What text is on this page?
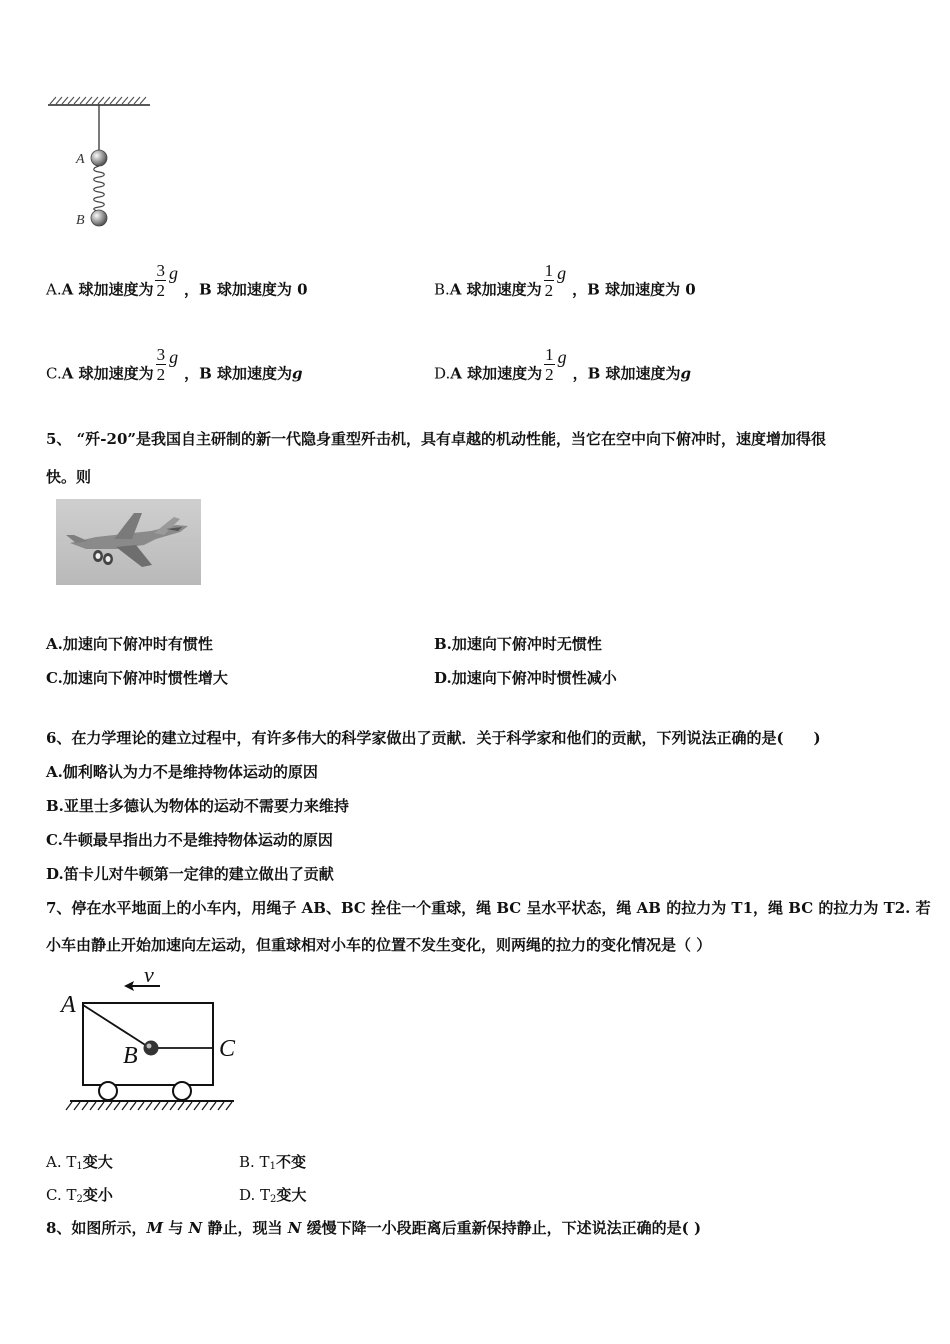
A
B
A.A 球加速度为 $\frac{3}{2}$ g，B 球加速度为 0	B.A 球加速度为 $\frac{1}{2}$ g，B 球加速度为 0
C.A 球加速度为 $\frac{3}{2}$ g，B 球加速度为g	D.A 球加速度为 $\frac{1}{2}$ g，B 球加速度为g
5、 “歼-20”是我国自主研制的新一代隐身重型歼击机，具有卓越的机动性能，当它在空中向下俯冲时，速度增加得很
快。则
A.加速向下俯冲时有惯性	B.加速向下俯冲时无惯性
C.加速向下俯冲时惯性增大	D.加速向下俯冲时惯性减小
6、在力学理论的建立过程中，有许多伟大的科学家做出了贡献．关于科学家和他们的贡献，下列说法正确的是(　　)
A.伽利略认为力不是维持物体运动的原因
B.亚里士多德认为物体的运动不需要力来维持
C.牛顿最早指出力不是维持物体运动的原因
D.笛卡儿对牛顿第一定律的建立做出了贡献
7、停在水平地面上的小车内，用绳子 AB、BC 拴住一个重球，绳 BC 呈水平状态，绳 AB 的拉力为 T1，绳 BC 的拉力为 T2. 若
小车由静止开始加速向左运动，但重球相对小车的位置不发生变化，则两绳的拉力的变化情况是（ ）
v
A
B	C
A. $T_1$变大	B. $T_1$不变
C. $T_2$变小	D. $T_2$变大
8、如图所示，M 与 N 静止，现当 N 缓慢下降一小段距离后重新保持静止，下述说法正确的是( )
